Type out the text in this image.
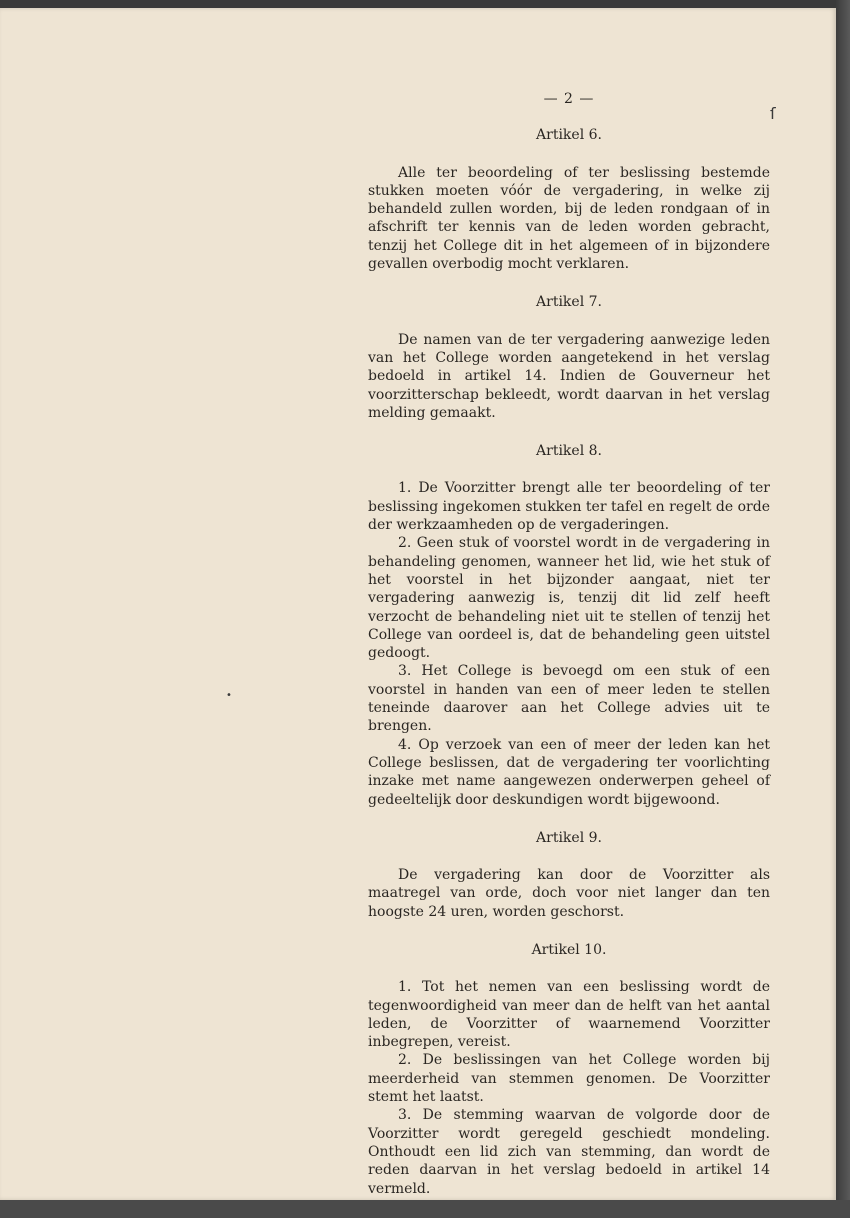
ſ
•
— 2 —
Artikel 6.

Alle ter beoordeling of ter beslissing bestemde stukken moeten vóór de vergadering, in welke zij behandeld zullen worden, bij de leden rondgaan of in afschrift ter kennis van de leden worden gebracht, tenzij het College dit in het algemeen of in bijzondere gevallen overbodig mocht verklaren.

Artikel 7.

De namen van de ter vergadering aanwezige leden van het College worden aangetekend in het verslag bedoeld in artikel 14. Indien de Gouverneur het voorzitterschap bekleedt, wordt daarvan in het verslag melding gemaakt.

Artikel 8.

1. De Voorzitter brengt alle ter beoordeling of ter beslissing ingekomen stukken ter tafel en regelt de orde der werkzaamheden op de vergaderingen.

2. Geen stuk of voorstel wordt in de vergadering in behandeling genomen, wanneer het lid, wie het stuk of het voorstel in het bijzonder aangaat, niet ter vergadering aanwezig is, tenzij dit lid zelf heeft verzocht de behandeling niet uit te stellen of tenzij het College van oordeel is, dat de behandeling geen uitstel gedoogt.

3. Het College is bevoegd om een stuk of een voorstel in handen van een of meer leden te stellen teneinde daarover aan het College advies uit te brengen.

4. Op verzoek van een of meer der leden kan het College beslissen, dat de vergadering ter voorlichting inzake met name aangewezen onderwerpen geheel of gedeeltelijk door deskundigen wordt bijgewoond.

Artikel 9.

De vergadering kan door de Voorzitter als maatregel van orde, doch voor niet langer dan ten hoogste 24 uren, worden geschorst.

Artikel 10.

1. Tot het nemen van een beslissing wordt de tegenwoordigheid van meer dan de helft van het aantal leden, de Voorzitter of waarnemend Voorzitter inbegrepen, vereist.

2. De beslissingen van het College worden bij meerderheid van stemmen genomen. De Voorzitter stemt het laatst.

3. De stemming waarvan de volgorde door de Voorzitter wordt geregeld geschiedt mondeling. Onthoudt een lid zich van stemming, dan wordt de reden daarvan in het verslag bedoeld in artikel 14 vermeld.
